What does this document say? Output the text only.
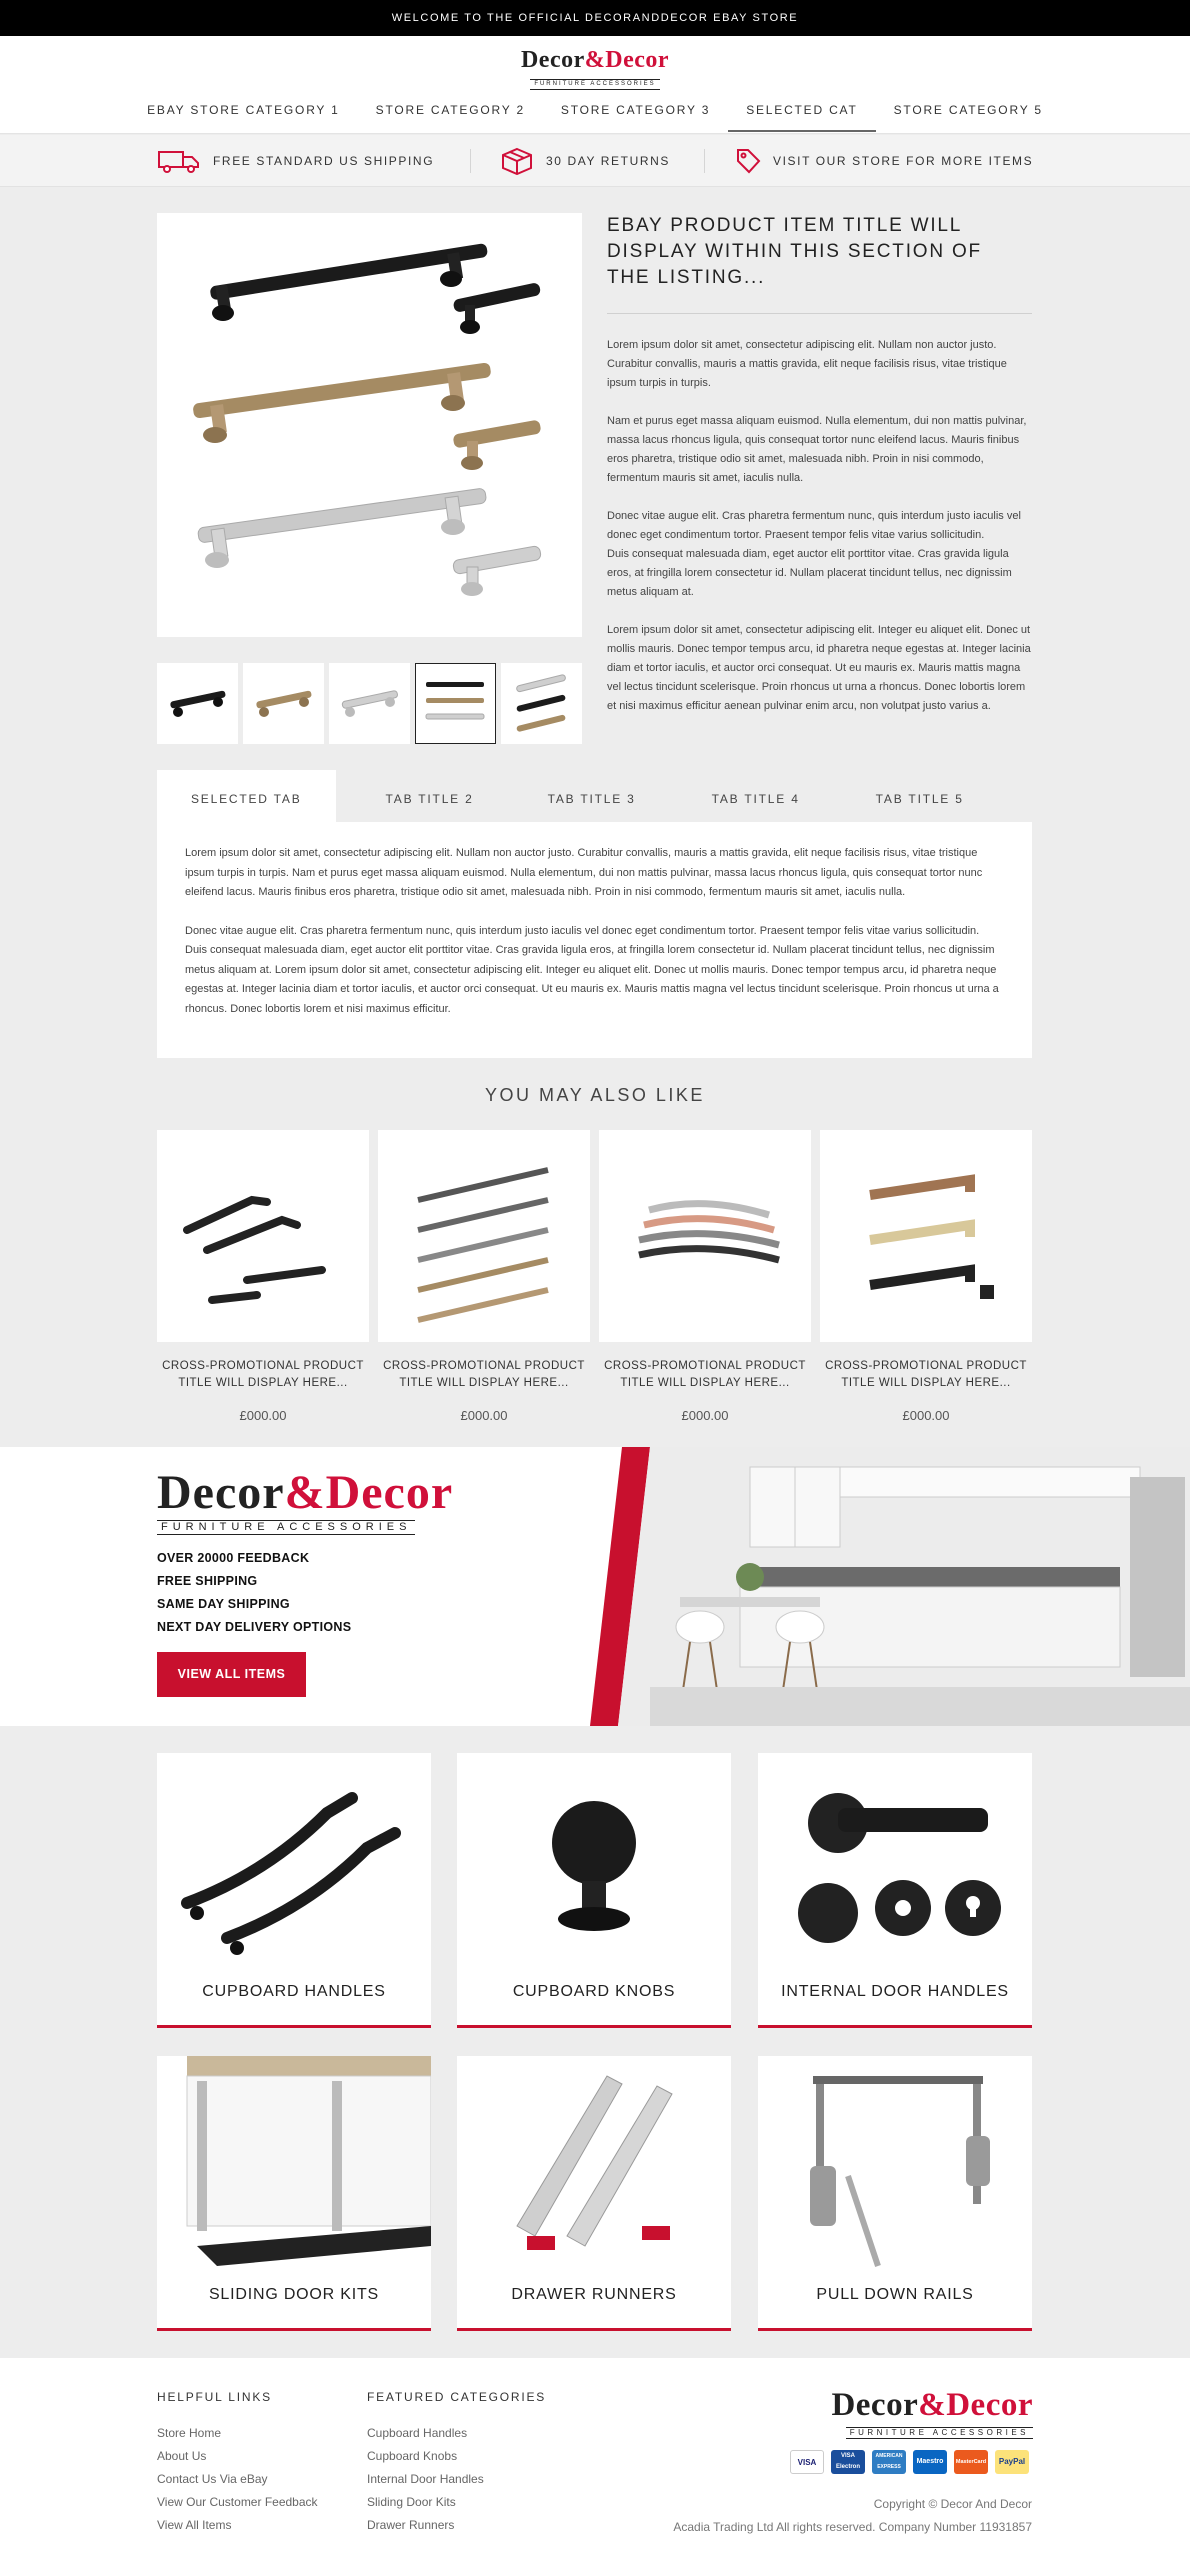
WELCOME TO THE OFFICIAL DECORANDDECOR EBAY STORE
Decor&Decor
FURNITURE ACCESSORIES
EBAY STORE CATEGORY 1	STORE CATEGORY 2	STORE CATEGORY 3	SELECTED CAT	STORE CATEGORY 5
FREE STANDARD US SHIPPING	30 DAY RETURNS	VISIT OUR STORE FOR MORE ITEMS
EBAY PRODUCT ITEM TITLE WILL DISPLAY WITHIN THIS SECTION OF THE LISTING...

Lorem ipsum dolor sit amet, consectetur adipiscing elit. Nullam non auctor justo. Curabitur convallis, mauris a mattis gravida, elit neque facilisis risus, vitae tristique ipsum turpis in turpis.

Nam et purus eget massa aliquam euismod. Nulla elementum, dui non mattis pulvinar, massa lacus rhoncus ligula, quis consequat tortor nunc eleifend lacus. Mauris finibus eros pharetra, tristique odio sit amet, malesuada nibh. Proin in nisi commodo, fermentum mauris sit amet, iaculis nulla.

Donec vitae augue elit. Cras pharetra fermentum nunc, quis interdum justo iaculis vel donec eget condimentum tortor. Praesent tempor felis vitae varius sollicitudin.
Duis consequat malesuada diam, eget auctor elit porttitor vitae. Cras gravida ligula eros, at fringilla lorem consectetur id. Nullam placerat tincidunt tellus, nec dignissim metus aliquam at.

Lorem ipsum dolor sit amet, consectetur adipiscing elit. Integer eu aliquet elit. Donec ut mollis mauris. Donec tempor tempus arcu, id pharetra neque egestas at. Integer lacinia diam et tortor iaculis, et auctor orci consequat. Ut eu mauris ex. Mauris mattis magna vel lectus tincidunt scelerisque. Proin rhoncus ut urna a rhoncus. Donec lobortis lorem et nisi maximus efficitur aenean pulvinar enim arcu, non volutpat justo varius a.

SELECTED TAB	TAB TITLE 2	TAB TITLE 3	TAB TITLE 4	TAB TITLE 5

Lorem ipsum dolor sit amet, consectetur adipiscing elit. Nullam non auctor justo. Curabitur convallis, mauris a mattis gravida, elit neque facilisis risus, vitae tristique ipsum turpis in turpis. Nam et purus eget massa aliquam euismod. Nulla elementum, dui non mattis pulvinar, massa lacus rhoncus ligula, quis consequat tortor nunc eleifend lacus. Mauris finibus eros pharetra, tristique odio sit amet, malesuada nibh. Proin in nisi commodo, fermentum mauris sit amet, iaculis nulla.

Donec vitae augue elit. Cras pharetra fermentum nunc, quis interdum justo iaculis vel donec eget condimentum tortor. Praesent tempor felis vitae varius sollicitudin. Duis consequat malesuada diam, eget auctor elit porttitor vitae. Cras gravida ligula eros, at fringilla lorem consectetur id. Nullam placerat tincidunt tellus, nec dignissim metus aliquam at. Lorem ipsum dolor sit amet, consectetur adipiscing elit. Integer eu aliquet elit. Donec ut mollis mauris. Donec tempor tempus arcu, id pharetra neque egestas at. Integer lacinia diam et tortor iaculis, et auctor orci consequat. Ut eu mauris ex. Mauris mattis magna vel lectus tincidunt scelerisque. Proin rhoncus ut urna a rhoncus. Donec lobortis lorem et nisi maximus efficitur.

YOU MAY ALSO LIKE
CROSS-PROMOTIONAL PRODUCT TITLE WILL DISPLAY HERE...
£000.00
CROSS-PROMOTIONAL PRODUCT TITLE WILL DISPLAY HERE...
£000.00
CROSS-PROMOTIONAL PRODUCT TITLE WILL DISPLAY HERE...
£000.00
CROSS-PROMOTIONAL PRODUCT TITLE WILL DISPLAY HERE...
£000.00
Decor&Decor
FURNITURE ACCESSORIES
OVER 20000 FEEDBACK
FREE SHIPPING
SAME DAY SHIPPING
NEXT DAY DELIVERY OPTIONS
VIEW ALL ITEMS
CUPBOARD HANDLES	CUPBOARD KNOBS	INTERNAL DOOR HANDLES
SLIDING DOOR KITS	DRAWER RUNNERS	PULL DOWN RAILS
HELPFUL LINKS
Store Home
About Us
Contact Us Via eBay
View Our Customer Feedback
View All Items
FEATURED CATEGORIES
Cupboard Handles
Cupboard Knobs
Internal Door Handles
Sliding Door Kits
Drawer Runners
Decor&Decor
FURNITURE ACCESSORIES
VISA
VISA Electron
AMERICAN EXPRESS
Maestro	MasterCard	PayPal
Copyright © Decor And Decor
Acadia Trading Ltd All rights reserved. Company Number 11931857
